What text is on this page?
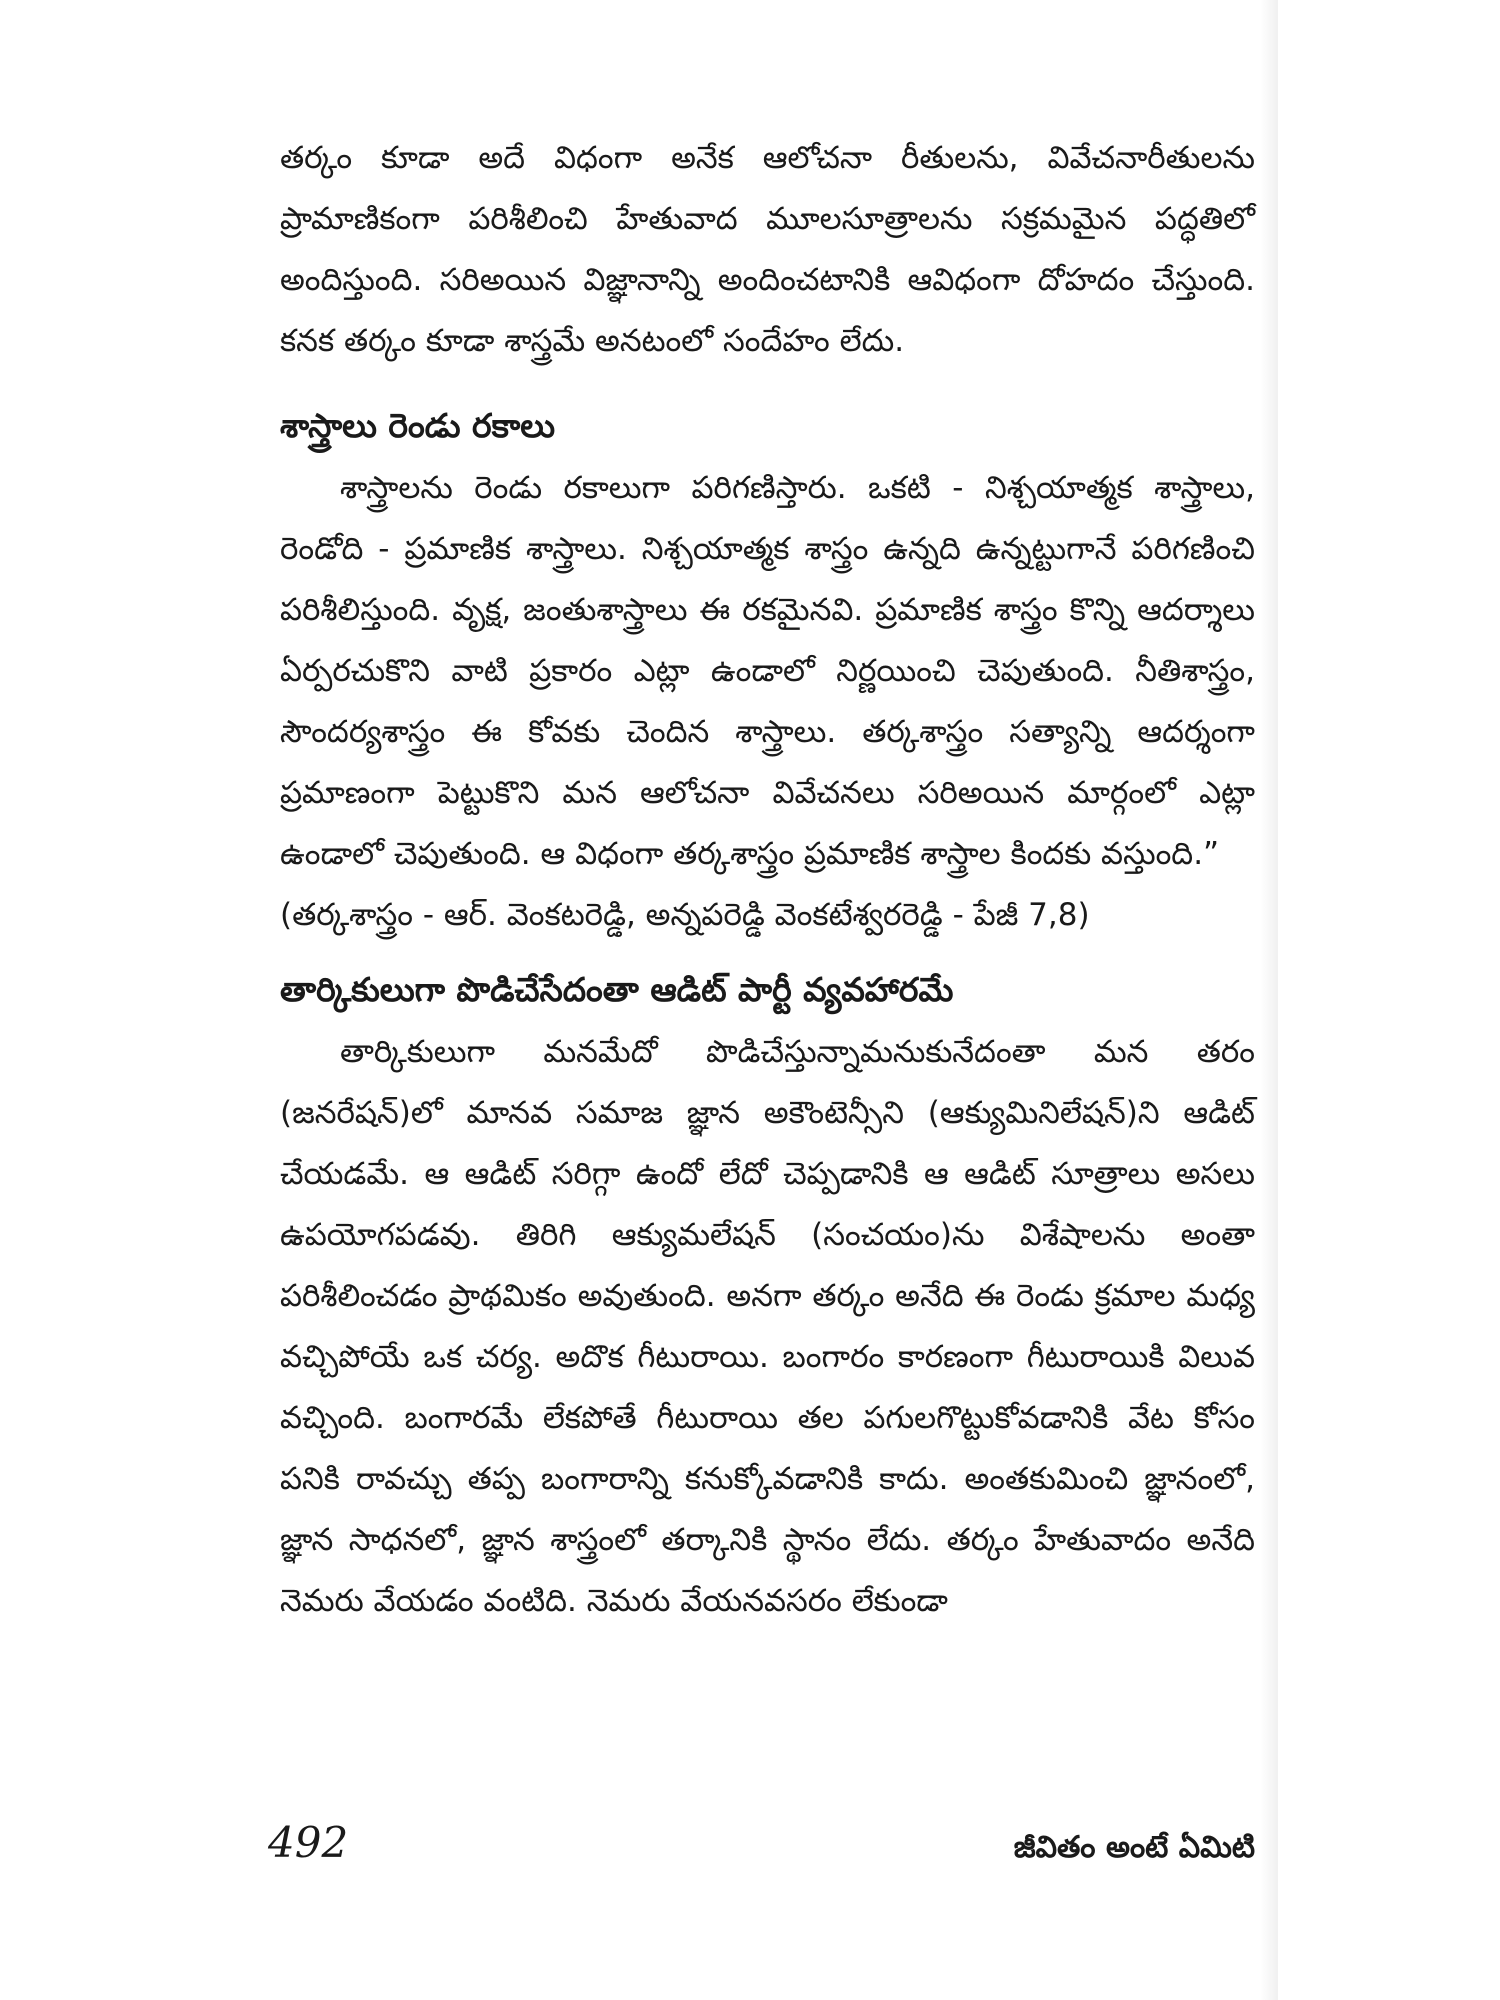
తర్కం కూడా అదే విధంగా అనేక ఆలోచనా రీతులను, వివేచనారీతులను ప్రామాణికంగా పరిశీలించి హేతువాద మూలసూత్రాలను సక్రమమైన పద్ధతిలో అందిస్తుంది. సరిఅయిన విజ్ఞానాన్ని అందించటానికి ఆవిధంగా దోహదం చేస్తుంది. కనక తర్కం కూడా శాస్త్రమే అనటంలో సందేహం లేదు.

శాస్త్రాలు రెండు రకాలు

శాస్త్రాలను రెండు రకాలుగా పరిగణిస్తారు. ఒకటి - నిశ్చయాత్మక శాస్త్రాలు, రెండోది - ప్రమాణిక శాస్త్రాలు. నిశ్చయాత్మక శాస్త్రం ఉన్నది ఉన్నట్టుగానే పరిగణించి పరిశీలిస్తుంది. వృక్ష, జంతుశాస్త్రాలు ఈ రకమైనవి. ప్రమాణిక శాస్త్రం కొన్ని ఆదర్శాలు ఏర్పరచుకొని వాటి ప్రకారం ఎట్లా ఉండాలో నిర్ణయించి చెపుతుంది. నీతిశాస్త్రం, సౌందర్యశాస్త్రం ఈ కోవకు చెందిన శాస్త్రాలు. తర్కశాస్త్రం సత్యాన్ని ఆదర్శంగా ప్రమాణంగా పెట్టుకొని మన ఆలోచనా వివేచనలు సరిఅయిన మార్గంలో ఎట్లా ఉండాలో చెపుతుంది. ఆ విధంగా తర్కశాస్త్రం ప్రమాణిక శాస్త్రాల కిందకు వస్తుంది.”

(తర్కశాస్త్రం - ఆర్. వెంకటరెడ్డి, అన్నపరెడ్డి వెంకటేశ్వరరెడ్డి - పేజీ 7,8)

తార్కికులుగా పొడిచేసేదంతా ఆడిట్ పార్టీ వ్యవహారమే

తార్కికులుగా మనమేదో పొడిచేస్తున్నామనుకునేదంతా మన తరం (జనరేషన్)లో మానవ సమాజ జ్ఞాన అకౌంటెన్సీని (ఆక్యుమినిలేషన్)ని ఆడిట్ చేయడమే. ఆ ఆడిట్ సరిగ్గా ఉందో లేదో చెప్పడానికి ఆ ఆడిట్ సూత్రాలు అసలు ఉపయోగపడవు. తిరిగి ఆక్యుమలేషన్ (సంచయం)ను విశేషాలను అంతా పరిశీలించడం ప్రాథమికం అవుతుంది. అనగా తర్కం అనేది ఈ రెండు క్రమాల మధ్య వచ్చిపోయే ఒక చర్య. అదొక గీటురాయి. బంగారం కారణంగా గీటురాయికి విలువ వచ్చింది. బంగారమే లేకపోతే గీటురాయి తల పగులగొట్టుకోవడానికి వేట కోసం పనికి రావచ్చు తప్ప బంగారాన్ని కనుక్కోవడానికి కాదు. అంతకుమించి జ్ఞానంలో, జ్ఞాన సాధనలో, జ్ఞాన శాస్త్రంలో తర్కానికి స్థానం లేదు. తర్కం హేతువాదం అనేది నెమరు వేయడం వంటిది. నెమరు వేయనవసరం లేకుండా

492	జీవితం అంటే ఏమిటి
